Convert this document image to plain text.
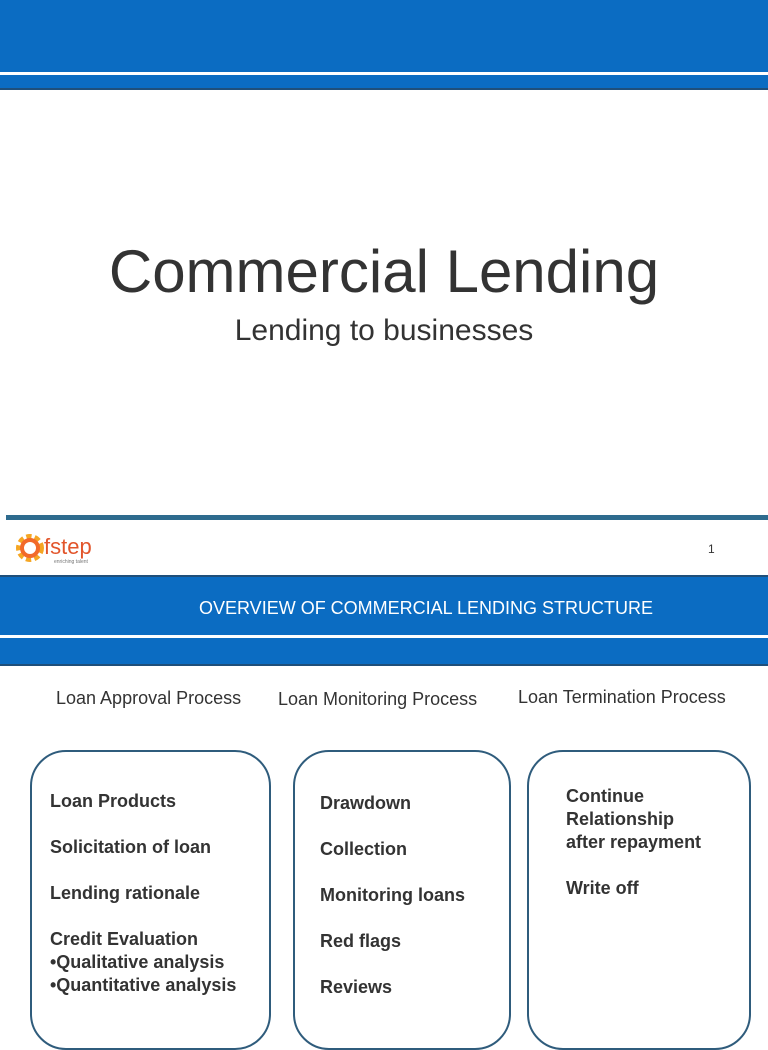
Commercial Lending
Lending to businesses
fstep
enriching talent
1
OVERVIEW OF COMMERCIAL LENDING STRUCTURE
Loan Approval Process Loan Monitoring Process Loan Termination Process
Loan Products
Solicitation of loan
Lending rationale
Credit Evaluation
•Qualitative analysis
•Quantitative analysis
Drawdown
Collection
Monitoring loans
Red flags
Reviews
Continue
Relationship
after repayment
Write off
